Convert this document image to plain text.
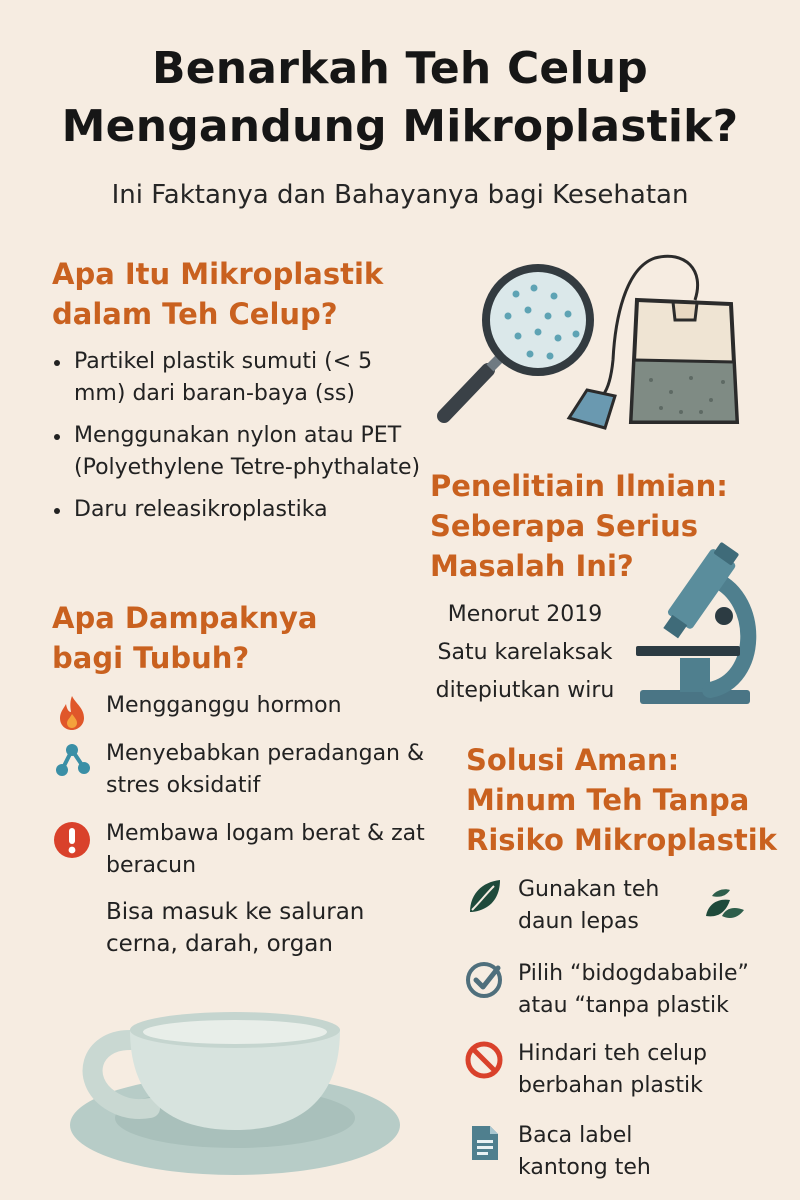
Benarkah Teh Celup
Mengandung Mikroplastik?
Ini Faktanya dan Bahayanya bagi Kesehatan
Apa Itu Mikroplastik
dalam Teh Celup?
Partikel plastik sumuti (< 5 mm) dari baran-baya (ss)
Menggunakan nylon atau PET (Polyethylene Tetre-phythalate)
Daru releasikroplastika
Penelitiain Ilmian:
Seberapa Serius
Masalah Ini?
Menorut 2019
Satu karelaksak
ditepiutkan wiru
Apa Dampaknya
bagi Tubuh?
Mengganggu hormon
Menyebabkan peradangan & stres oksidatif
Membawa logam berat & zat beracun
Bisa masuk ke saluran cerna, darah, organ
Solusi Aman:
Minum Teh Tanpa
Risiko Mikroplastik
Gunakan teh daun lepas
Pilih “bidogdababile” atau “tanpa plastik
Hindari teh celup berbahan plastik
Baca label kantong teh
